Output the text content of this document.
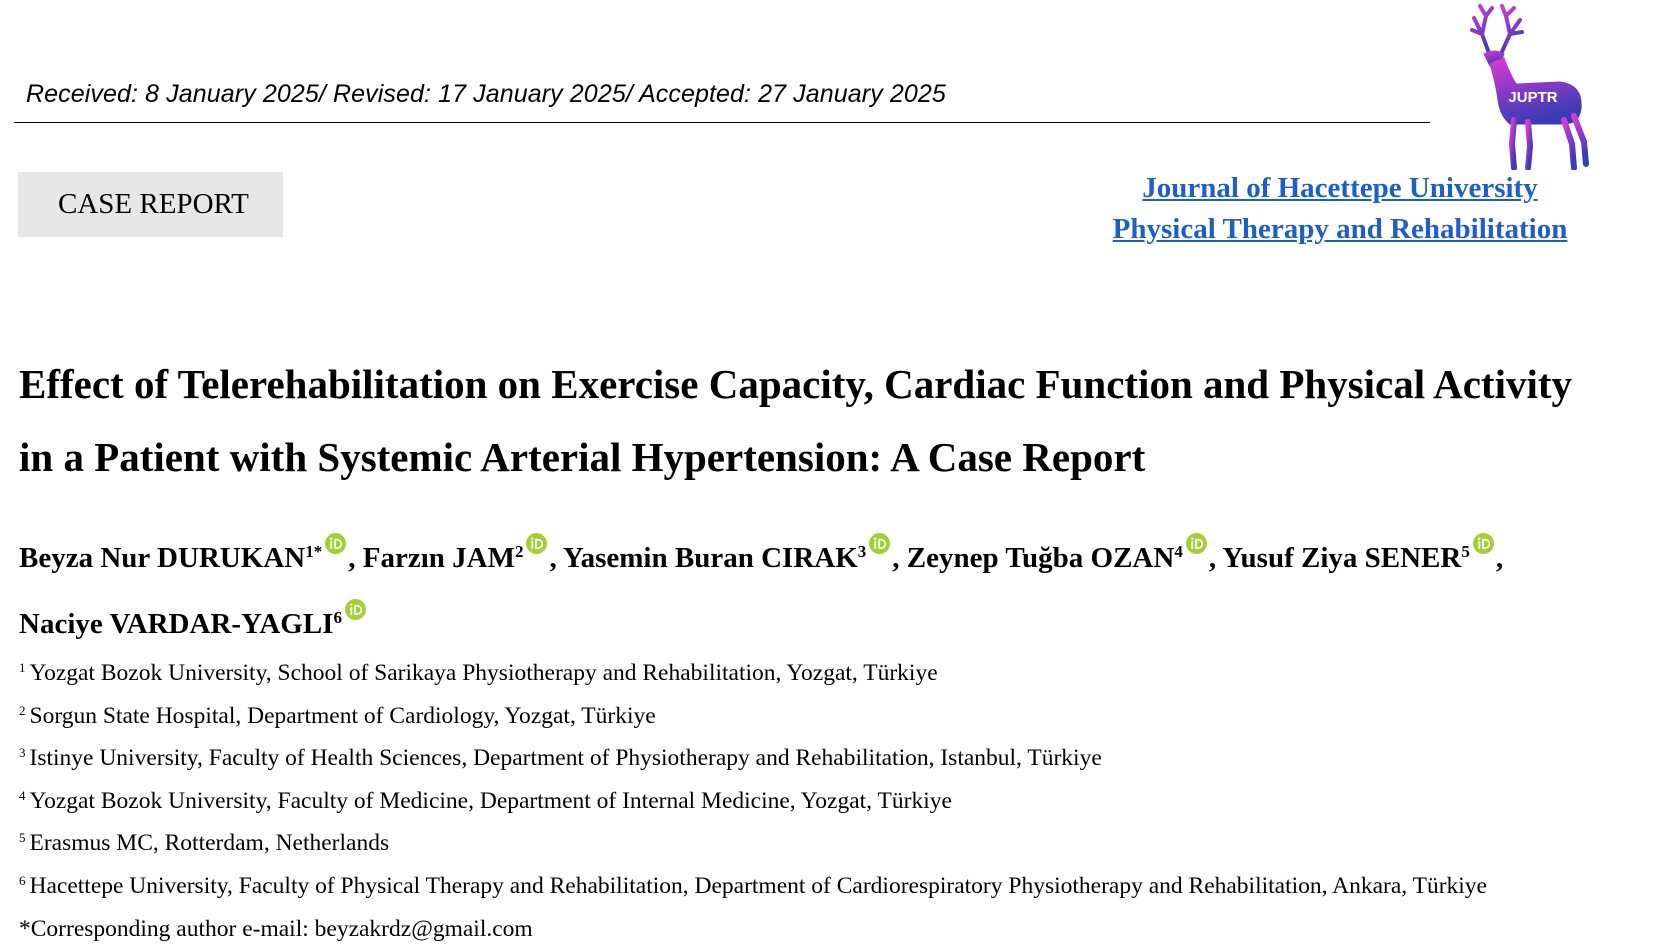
Received: 8 January 2025/ Revised: 17 January 2025/ Accepted: 27 January 2025	JUPTR
Journal of Hacettepe University
Physical Therapy and Rehabilitation
CASE REPORT
Effect of Telerehabilitation on Exercise Capacity, Cardiac Function and Physical Activity
in a Patient with Systemic Arterial Hypertension: A Case Report
Beyza Nur $DURUKAN^{1*}$ , Farzın JAM$^2$ , Yasemin Buran CIRAK$^3$ , Zeynep Tuğba OZAN$^4$ , Yusuf Ziya SENER$^5$ ,
Naciye VARDAR-YAGLI$^6$
$^1$ Yozgat Bozok University, School of Sarikaya Physiotherapy and Rehabilitation, Yozgat, Türkiye
$^2$ Sorgun State Hospital, Department of Cardiology, Yozgat, Türkiye
$^3$ Istinye University, Faculty of Health Sciences, Department of Physiotherapy and Rehabilitation, Istanbul, Türkiye
$^4$ Yozgat Bozok University, Faculty of Medicine, Department of Internal Medicine, Yozgat, Türkiye
$^5$ Erasmus MC, Rotterdam, Netherlands
$^6$ Hacettepe University, Faculty of Physical Therapy and Rehabilitation, Department of Cardiorespiratory Physiotherapy and Rehabilitation, Ankara, Türkiye
*Corresponding author e-mail: beyzakrdz@gmail.com
